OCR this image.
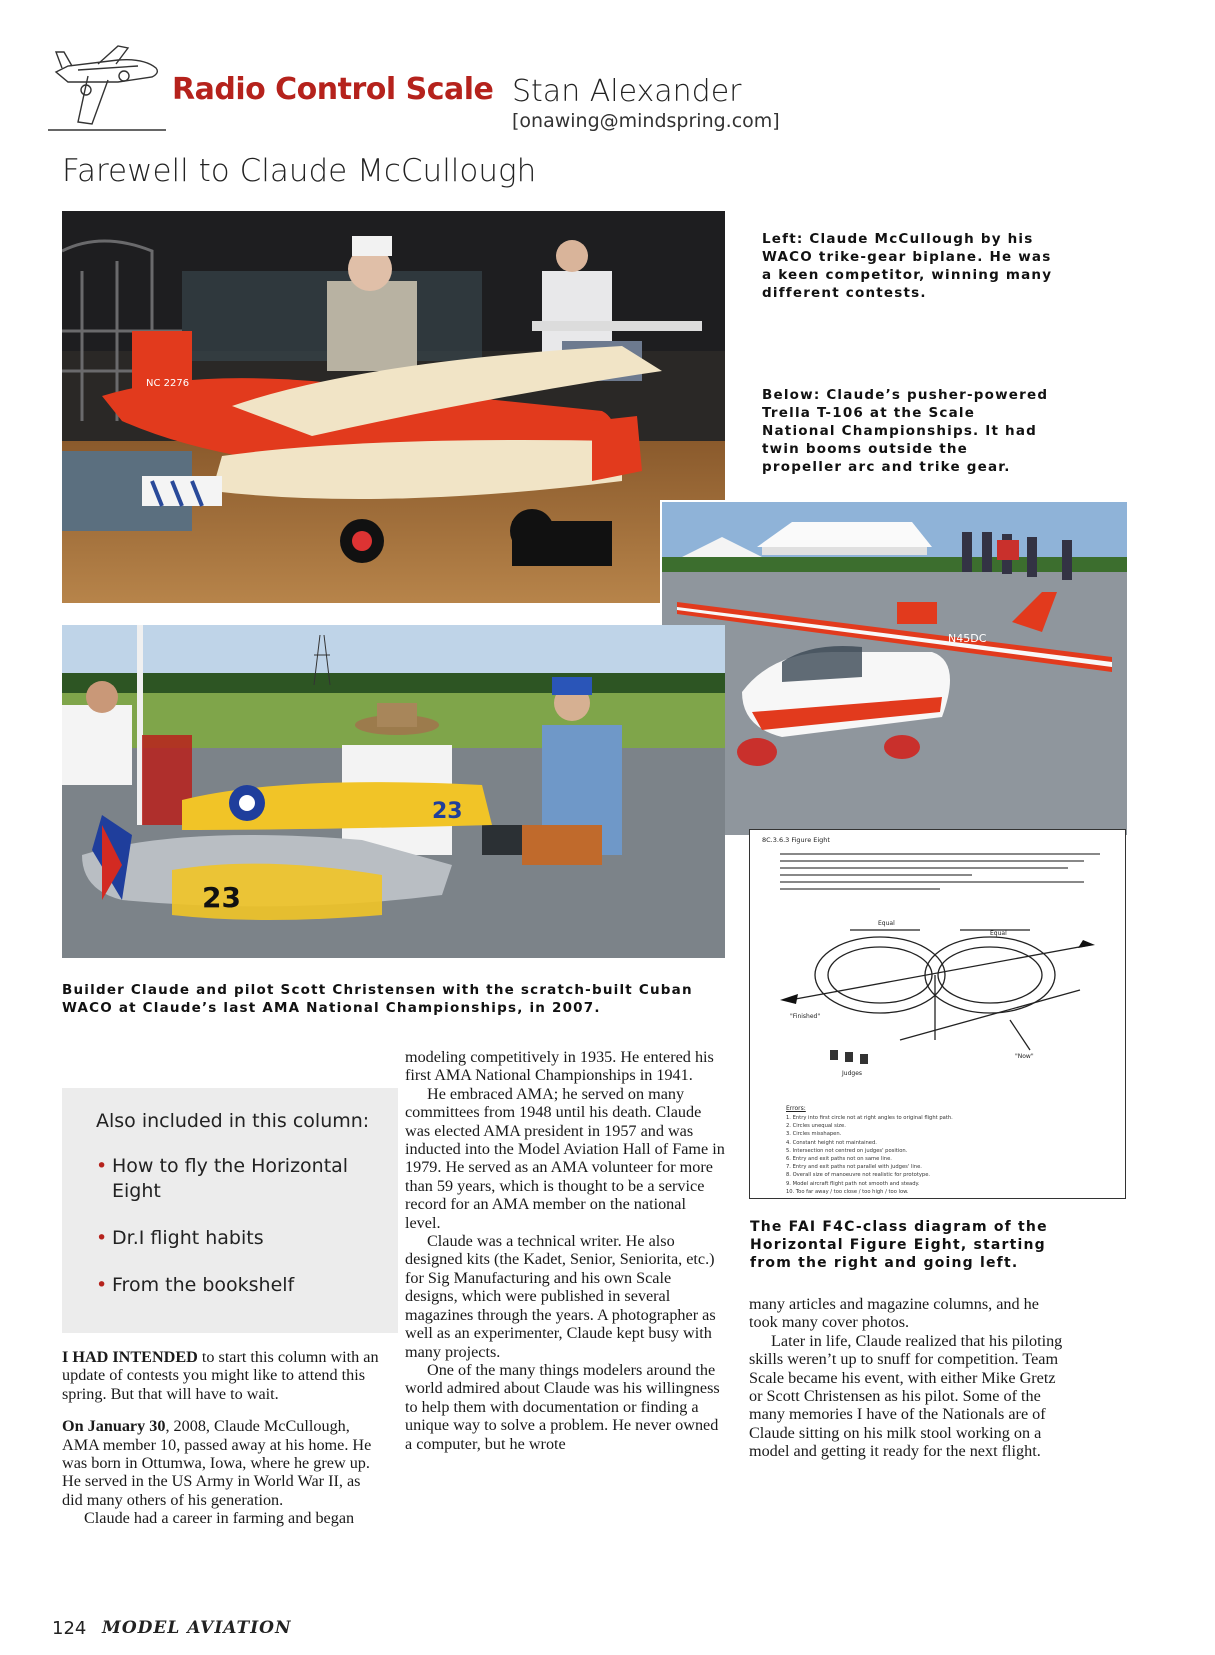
Radio Control Scale Stan Alexander
[onawing@mindspring.com]
Farewell to Claude McCullough
NC 2276
Left: Claude McCullough by his WACO trike-gear biplane. He was a keen competitor, winning many different contests.
Below: Claude’s pusher-powered Trella T-106 at the Scale National Championships. It had twin booms outside the propeller arc and trike gear.
N45DC
23
23
Builder Claude and pilot Scott Christensen with the scratch-built Cuban WACO at Claude’s last AMA National Championships, in 2007.
8C.3.6.3 Figure Eight
Equal
Equal
"Finished"
"Now"
Judges
Errors:
1. Entry into first circle not at right angles to original flight path.
2. Circles unequal size.
3. Circles misshapen.
4. Constant height not maintained.
5. Intersection not centred on judges' position.
6. Entry and exit paths not on same line.
7. Entry and exit paths not parallel with judges' line.
8. Overall size of manoeuvre not realistic for prototype.
9. Model aircraft flight path not smooth and steady.
10. Too far away / too close / too high / too low.
The FAI F4C-class diagram of the Horizontal Figure Eight, starting from the right and going left.
Also included in this column:
• How to fly the Horizontal Eight
• Dr.I flight habits
• From the bookshelf

I HAD INTENDED to start this column with an update of contests you might like to attend this spring. But that will have to wait.

On January 30, 2008, Claude McCullough, AMA member 10, passed away at his home. He was born in Ottumwa, Iowa, where he grew up. He served in the US Army in World War II, as did many others of his generation.

Claude had a career in farming and began

modeling competitively in 1935. He entered his first AMA National Championships in 1941.

He embraced AMA; he served on many committees from 1948 until his death. Claude was elected AMA president in 1957 and was inducted into the Model Aviation Hall of Fame in 1979. He served as an AMA volunteer for more than 59 years, which is thought to be a service record for an AMA member on the national level.

Claude was a technical writer. He also designed kits (the Kadet, Senior, Seniorita, etc.) for Sig Manufacturing and his own Scale designs, which were published in several magazines through the years. A photographer as well as an experimenter, Claude kept busy with many projects.

One of the many things modelers around the world admired about Claude was his willingness to help them with documentation or finding a unique way to solve a problem. He never owned a computer, but he wrote

many articles and magazine columns, and he took many cover photos.

Later in life, Claude realized that his piloting skills weren’t up to snuff for competition. Team Scale became his event, with either Mike Gretz or Scott Christensen as his pilot. Some of the many memories I have of the Nationals are of Claude sitting on his milk stool working on a model and getting it ready for the next flight.

124 MODEL AVIATION
